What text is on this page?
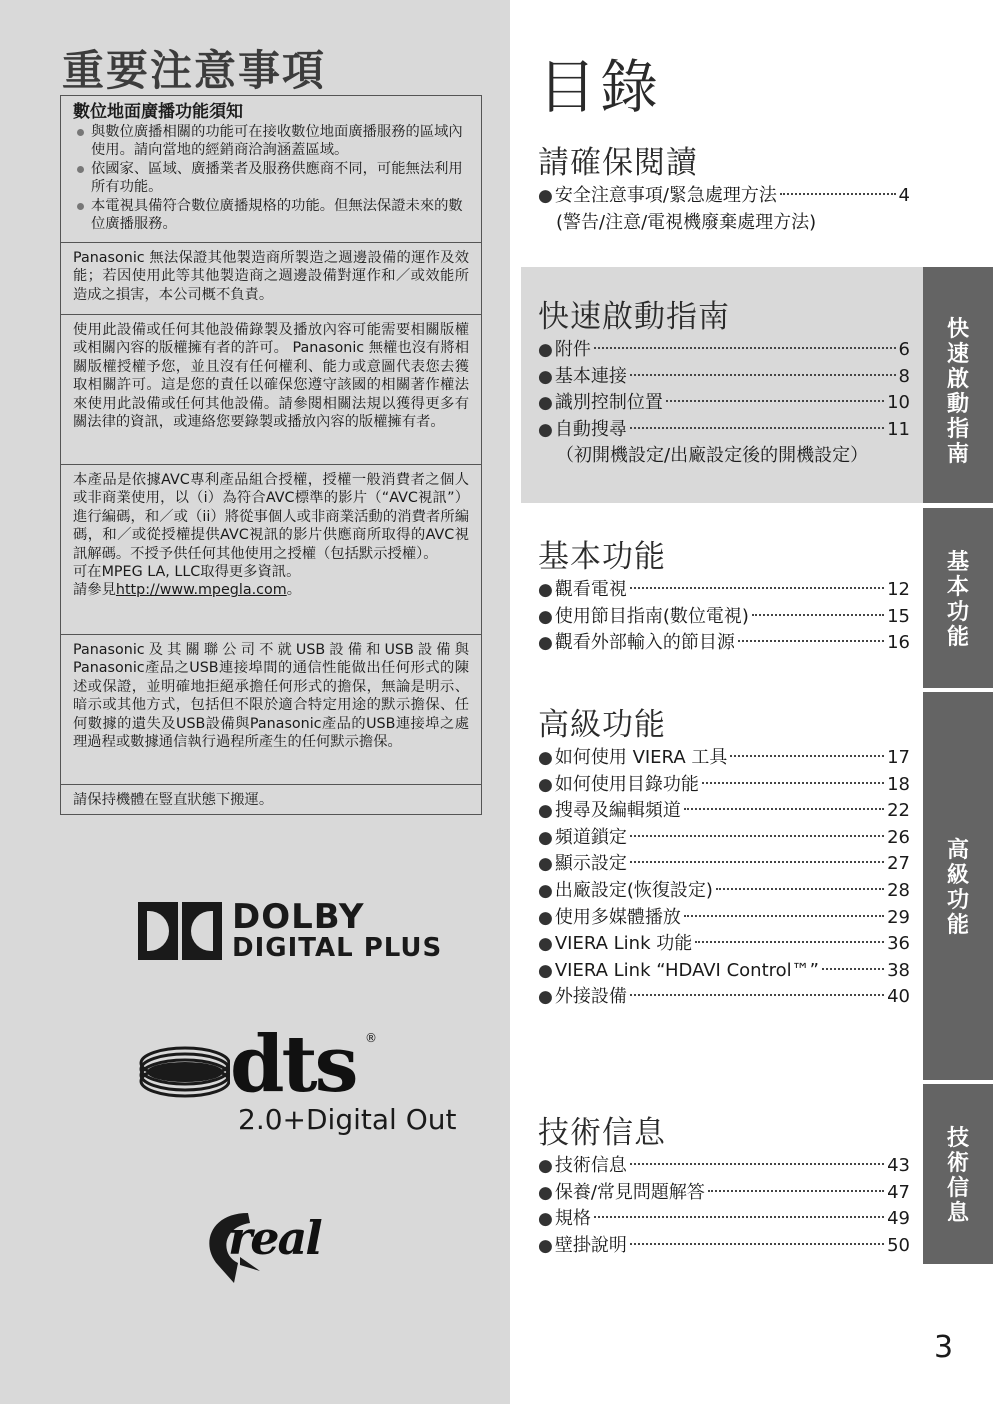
重要注意事項
數位地面廣播功能須知
與數位廣播相關的功能可在接收數位地面廣播服務的區域內使用。請向當地的經銷商洽詢涵蓋區域。
依國家、區域、廣播業者及服務供應商不同，可能無法利用所有功能。
本電視具備符合數位廣播規格的功能。但無法保證未來的數位廣播服務。
Panasonic 無法保證其他製造商所製造之週邊設備的運作及效能；若因使用此等其他製造商之週邊設備對運作和／或效能所造成之損害，本公司概不負責。
使用此設備或任何其他設備錄製及播放內容可能需要相關版權或相關內容的版權擁有者的許可。 Panasonic 無權也沒有將相關版權授權予您，並且沒有任何權利、能力或意圖代表您去獲取相關許可。這是您的責任以確保您遵守該國的相關著作權法來使用此設備或任何其他設備。請參閱相關法規以獲得更多有關法律的資訊，或連絡您要錄製或播放內容的版權擁有者。
本產品是依據AVC專利產品組合授權，授權一般消費者之個人或非商業使用，以（i）為符合AVC標準的影片（“AVC視訊”）進行編碼，和／或（ii）將從事個人或非商業活動的消費者所編碼，和／或從授權提供AVC視訊的影片供應商所取得的AVC視訊解碼。不授予供任何其他使用之授權（包括默示授權）。
可在MPEG LA, LLC取得更多資訊。
請參見http://www.mpegla.com。
Panasonic及其關聯公司不就USB設備和USB設備與Panasonic產品之USB連接埠間的通信性能做出任何形式的陳述或保證，並明確地拒絕承擔任何形式的擔保，無論是明示、暗示或其他方式，包括但不限於適合特定用途的默示擔保、任何數據的遺失及USB設備與Panasonic產品的USB連接埠之處理過程或數據通信執行過程所產生的任何默示擔保。
請保持機體在豎直狀態下搬運。
DOLBY
DIGITAL PLUS
dts ®
2.0+Digital Out
real
目錄
請確保閱讀
● 安全注意事項/緊急處理方法	4
(警告/注意/電視機廢棄處理方法)
快速啟動指南
● 附件	6
● 基本連接	8
● 識別控制位置	10
● 自動搜尋	11
（初開機設定/出廠設定後的開機設定）
基本功能
● 觀看電視	12
● 使用節目指南(數位電視)	15
● 觀看外部輸入的節目源	16
高級功能
● 如何使用 VIERA 工具	17
● 如何使用目錄功能	18
● 搜尋及編輯頻道	22
● 頻道鎖定	26
● 顯示設定	27
● 出廠設定(恢復設定)	28
● 使用多媒體播放	29
● VIERA Link 功能	36
● VIERA Link “HDAVI Control™”	38
● 外接設備	40
技術信息
● 技術信息	43
● 保養/常見問題解答	47
● 規格	49
● 壁掛說明	50
快
速
啟
動
指
南
基
本
功
能
高
級
功
能
技
術
信
息
3
